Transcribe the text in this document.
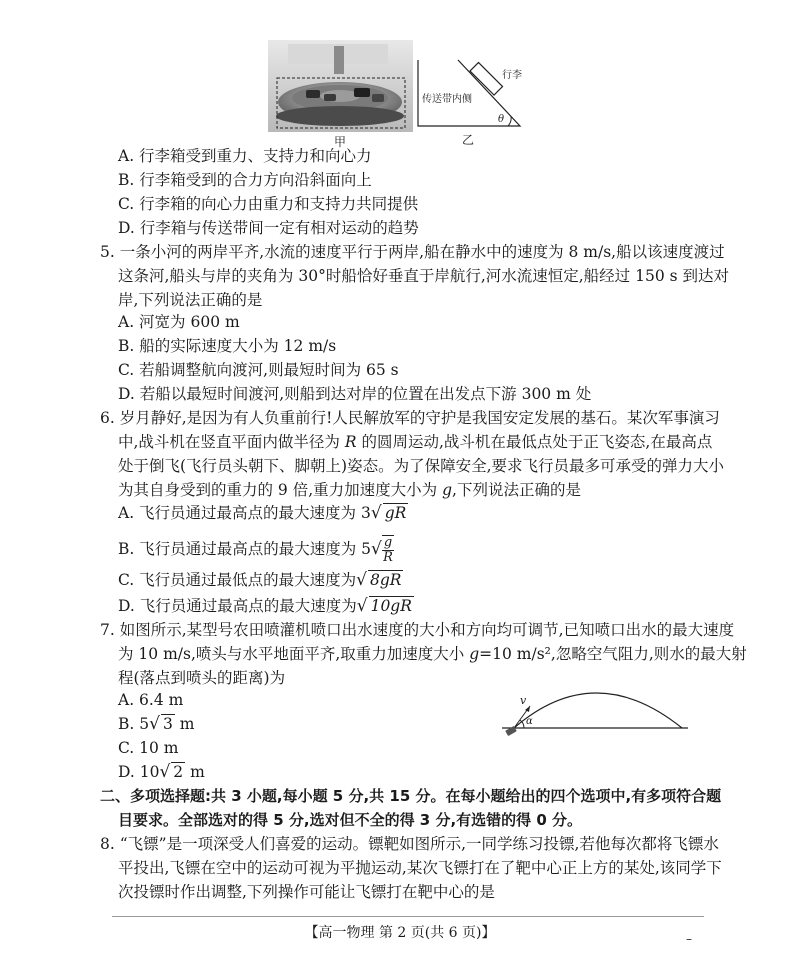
甲
行李
传送带内侧
θ
乙
A. 行李箱受到重力、支持力和向心力
B. 行李箱受到的合力方向沿斜面向上
C. 行李箱的向心力由重力和支持力共同提供
D. 行李箱与传送带间一定有相对运动的趋势
5. 一条小河的两岸平齐,水流的速度平行于两岸,船在静水中的速度为 8 m/s,船以该速度渡过
这条河,船头与岸的夹角为 30°时船恰好垂直于岸航行,河水流速恒定,船经过 150 s 到达对
岸,下列说法正确的是
A. 河宽为 600 m
B. 船的实际速度大小为 12 m/s
C. 若船调整航向渡河,则最短时间为 65 s
D. 若船以最短时间渡河,则船到达对岸的位置在出发点下游 300 m 处
6. 岁月静好,是因为有人负重前行!人民解放军的守护是我国安定发展的基石。某次军事演习
中,战斗机在竖直平面内做半径为 R 的圆周运动,战斗机在最低点处于正飞姿态,在最高点
处于倒飞(飞行员头朝下、脚朝上)姿态。为了保障安全,要求飞行员最多可承受的弹力大小
为其自身受到的重力的 9 倍,重力加速度大小为 g,下列说法正确的是
A. 飞行员通过最高点的最大速度为 3√ gR
B. 飞行员通过最高点的最大速度为 $5√ \frac{g}{R}$
C. 飞行员通过最低点的最大速度为√ 8gR
D. 飞行员通过最高点的最大速度为√ 10gR
7. 如图所示,某型号农田喷灌机喷口出水速度的大小和方向均可调节,已知喷口出水的最大速度
为 10 m/s,喷头与水平地面平齐,取重力加速度大小 g=10 m/s²,忽略空气阻力,则水的最大射
程(落点到喷头的距离)为
A. 6.4 m
B. 5√ 3 m
C. 10 m
D. 10√ 2 m
v
α
二、多项选择题:共 3 小题,每小题 5 分,共 15 分。在每小题给出的四个选项中,有多项符合题
目要求。全部选对的得 5 分,选对但不全的得 3 分,有选错的得 0 分。
8. “飞镖”是一项深受人们喜爱的运动。镖靶如图所示,一同学练习投镖,若他每次都将飞镖水
平投出,飞镖在空中的运动可视为平抛运动,某次飞镖打在了靶中心正上方的某处,该同学下
次投镖时作出调整,下列操作可能让飞镖打在靶中心的是
【高一物理 第 2 页(共 6 页)】	–
